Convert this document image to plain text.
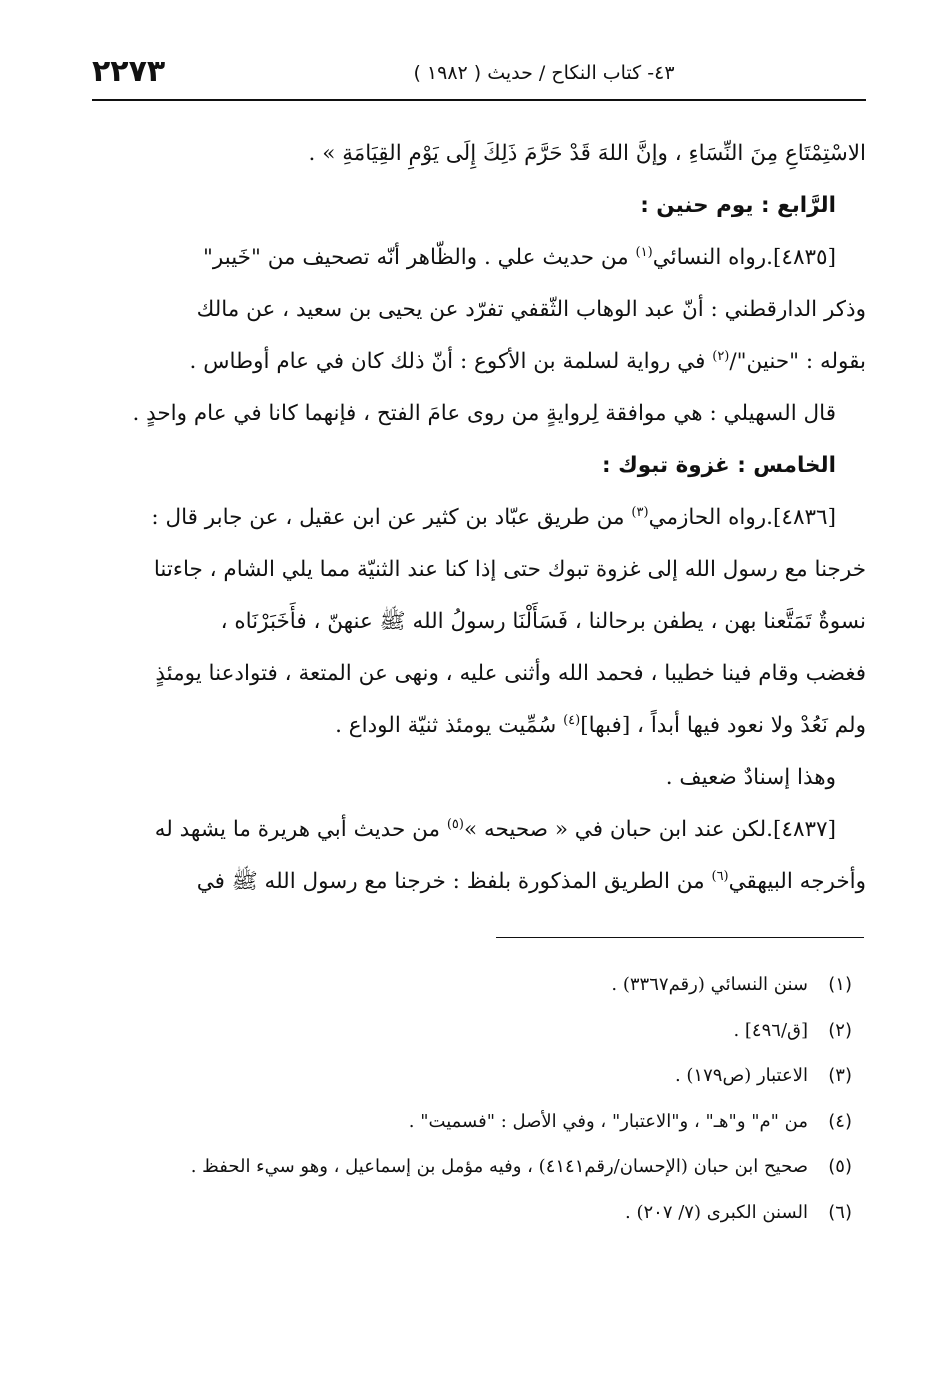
٢٢٧٣	٤٣- كتاب النكاح / حديث ( ١٩٨٢ )

الاسْتِمْتَاعِ مِنَ النِّسَاءِ ، وإنَّ اللهَ قَدْ حَرَّمَ ذَلِكَ إِلَى يَوْمِ القِيَامَةِ » .

الرَّابع : يوم حنين :

[٤٨٣٥].رواه النسائي$^{(١)}$ من حديث علي . والظّاهر أنّه تصحيف من "خَيبر"

وذكر الدارقطني : أنّ عبد الوهاب الثّقفي تفرّد عن يحيى بن سعيد ، عن مالك

بقوله : "حنين"/$^{(٢)}$ في رواية لسلمة بن الأكوع : أنّ ذلك كان في عام أوطاس .

قال السهيلي : هي موافقة لِروايةٍ من روى عامَ الفتح ، فإنهما كانا في عام واحدٍ .

الخامس : غزوة تبوك :

[٤٨٣٦].رواه الحازمي$^{(٣)}$ من طريق عبّاد بن كثير عن ابن عقيل ، عن جابر قال :

خرجنا مع رسول الله إلى غزوة تبوك حتى إذا كنا عند الثنيّة مما يلي الشام ، جاءتنا

نسوةٌ تَمَتَّعنا بهن ، يطفن برحالنا ، فَسَأَلْنَا رسولُ الله ﷺ عنهنّ ، فأَخَبَرْنَاه ،

فغضب وقام فينا خطيبا ، فحمد الله وأثنى عليه ، ونهى عن المتعة ، فتوادعنا يومئذٍ

ولم نَعُدْ ولا نعود فيها أبداً ، [فبها]$^{(٤)}$ سُمِّيت يومئذ ثنيّة الوداع .

وهذا إسنادٌ ضعيف .

[٤٨٣٧].لكن عند ابن حبان في « صحيحه »$^{(٥)}$ من حديث أبي هريرة ما يشهد له

وأخرجه البيهقي$^{(٦)}$ من الطريق المذكورة بلفظ : خرجنا مع رسول الله ﷺ في

(١)
سنن النسائي (رقم٣٣٦٧) .
(٢)
[ق/٤٩٦] .
(٣)
الاعتبار (ص١٧٩) .
(٤)
من "م" و"هـ" ، و"الاعتبار" ، وفي الأصل : "فسميت" .
(٥)
صحيح ابن حبان (الإحسان/رقم٤١٤١) ، وفيه مؤمل بن إسماعيل ، وهو سيء الحفظ .
(٦)
السنن الكبرى (٧/ ٢٠٧) .
